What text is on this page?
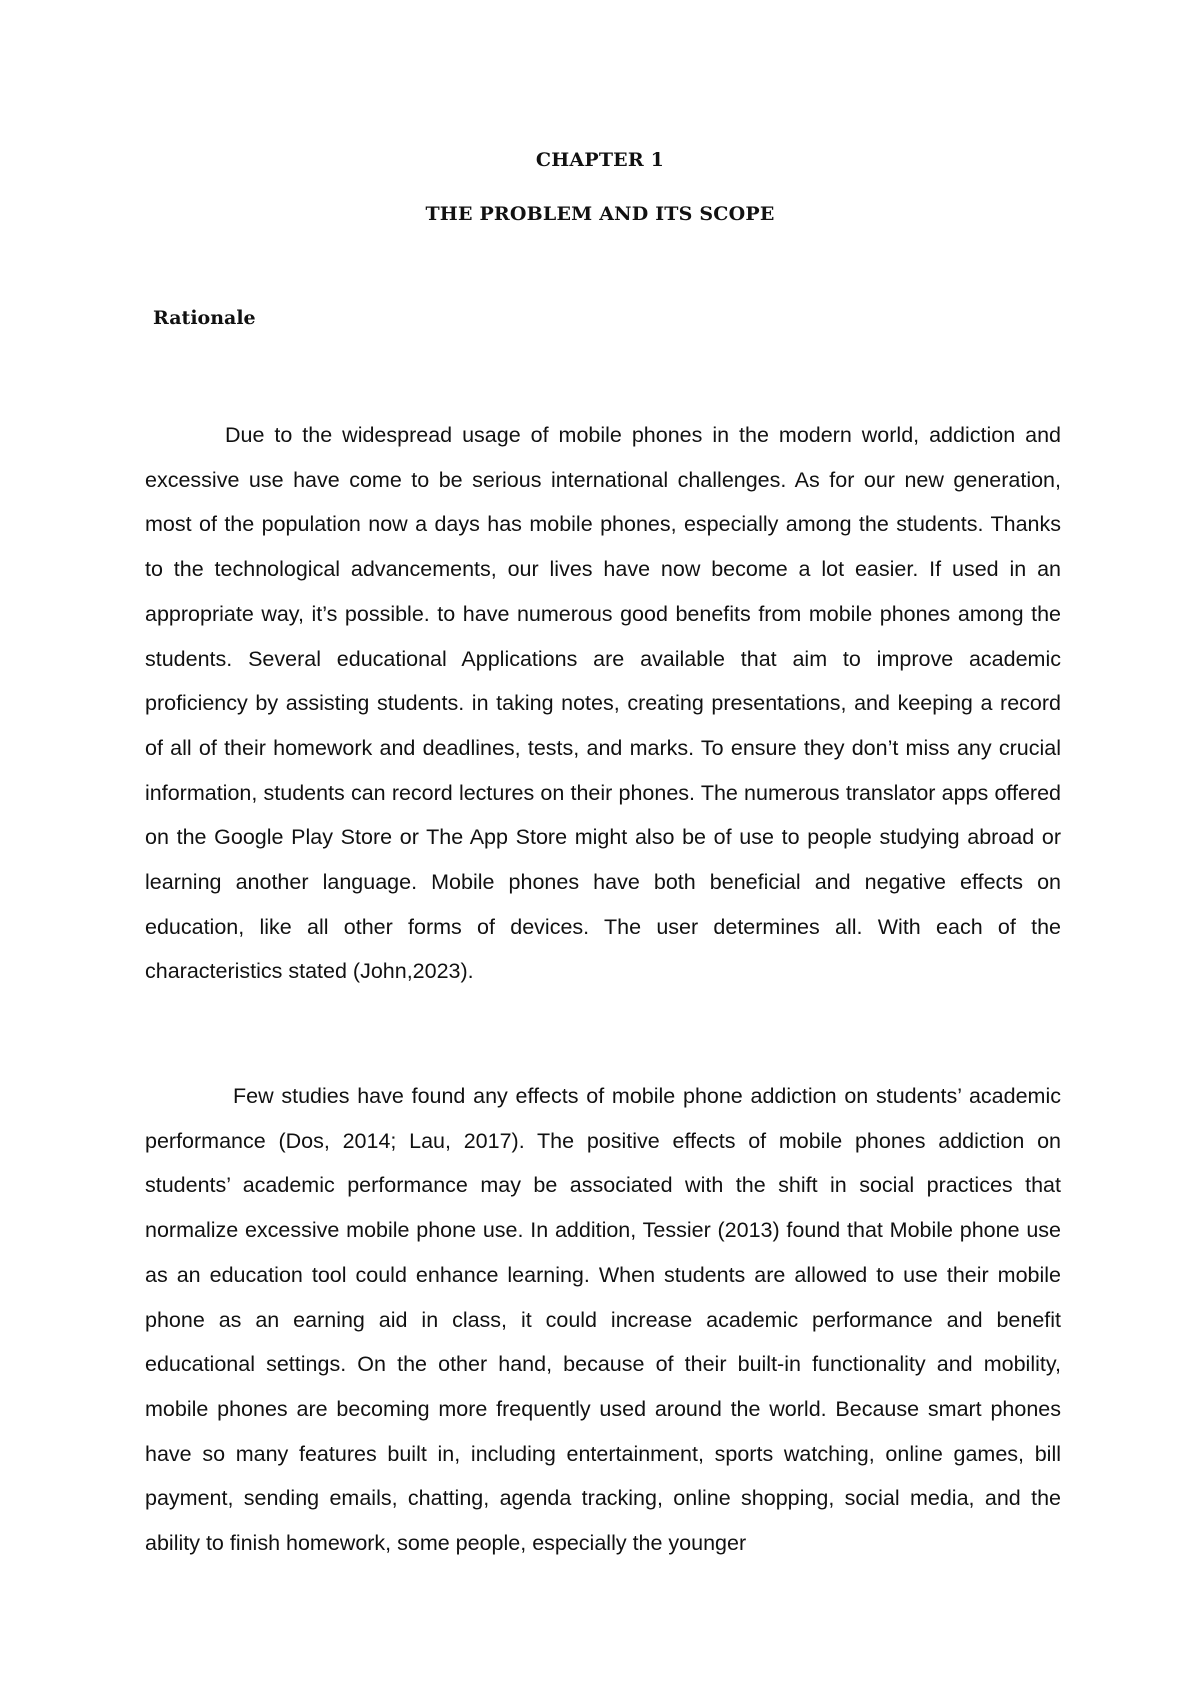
CHAPTER 1
THE PROBLEM AND ITS SCOPE
Rationale

Due to the widespread usage of mobile phones in the modern world, addiction and excessive use have come to be serious international challenges. As for our new generation, most of the population now a days has mobile phones, especially among the students. Thanks to the technological advancements, our lives have now become a lot easier. If used in an appropriate way, it’s possible. to have numerous good benefits from mobile phones among the students. Several educational Applications are available that aim to improve academic proficiency by assisting students. in taking notes, creating presentations, and keeping a record of all of their homework and deadlines, tests, and marks. To ensure they don’t miss any crucial information, students can record lectures on their phones. The numerous translator apps offered on the Google Play Store or The App Store might also be of use to people studying abroad or learning another language. Mobile phones have both beneficial and negative effects on education, like all other forms of devices. The user determines all. With each of the characteristics stated (John,2023).

Few studies have found any effects of mobile phone addiction on students’ academic performance (Dos, 2014; Lau, 2017). The positive effects of mobile phones addiction on students’ academic performance may be associated with the shift in social practices that normalize excessive mobile phone use. In addition, Tessier (2013) found that Mobile phone use as an education tool could enhance learning. When students are allowed to use their mobile phone as an earning aid in class, it could increase academic performance and benefit educational settings. On the other hand, because of their built-in functionality and mobility, mobile phones are becoming more frequently used around the world. Because smart phones have so many features built in, including entertainment, sports watching, online games, bill payment, sending emails, chatting, agenda tracking, online shopping, social media, and the ability to finish homework, some people, especially the younger
